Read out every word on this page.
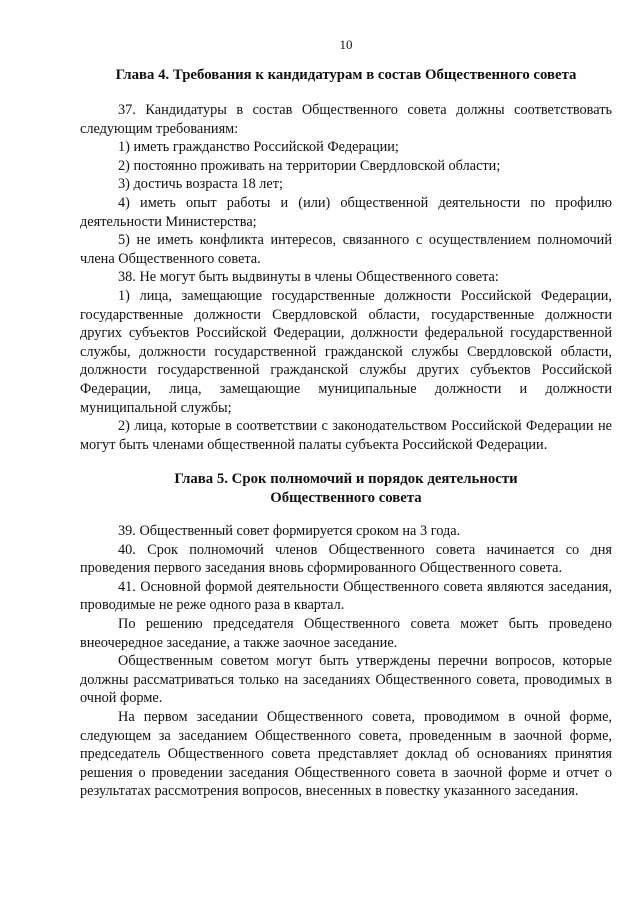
10
Глава 4. Требования к кандидатурам в состав Общественного совета

37. Кандидатуры в состав Общественного совета должны соответствовать следующим требованиям:

1) иметь гражданство Российской Федерации;
2) постоянно проживать на территории Свердловской области;
3) достичь возраста 18 лет;
4) иметь опыт работы и (или) общественной деятельности по профилю деятельности Министерства;
5) не иметь конфликта интересов, связанного с осуществлением полномочий члена Общественного совета.

38. Не могут быть выдвинуты в члены Общественного совета:

1) лица, замещающие государственные должности Российской Федерации, государственные должности Свердловской области, государственные должности других субъектов Российской Федерации, должности федеральной государственной службы, должности государственной гражданской службы Свердловской области, должности государственной гражданской службы других субъектов Российской Федерации, лица, замещающие муниципальные должности и должности муниципальной службы;
2) лица, которые в соответствии с законодательством Российской Федерации не могут быть членами общественной палаты субъекта Российской Федерации.
Глава 5. Срок полномочий и порядок деятельности
Общественного совета

39. Общественный совет формируется сроком на 3 года.

40. Срок полномочий членов Общественного совета начинается со дня проведения первого заседания вновь сформированного Общественного совета.

41. Основной формой деятельности Общественного совета являются заседания, проводимые не реже одного раза в квартал.

По решению председателя Общественного совета может быть проведено внеочередное заседание, а также заочное заседание.

Общественным советом могут быть утверждены перечни вопросов, которые должны рассматриваться только на заседаниях Общественного совета, проводимых в очной форме.

На первом заседании Общественного совета, проводимом в очной форме, следующем за заседанием Общественного совета, проведенным в заочной форме, председатель Общественного совета представляет доклад об основаниях принятия решения о проведении заседания Общественного совета в заочной форме и отчет о результатах рассмотрения вопросов, внесенных в повестку указанного заседания.
